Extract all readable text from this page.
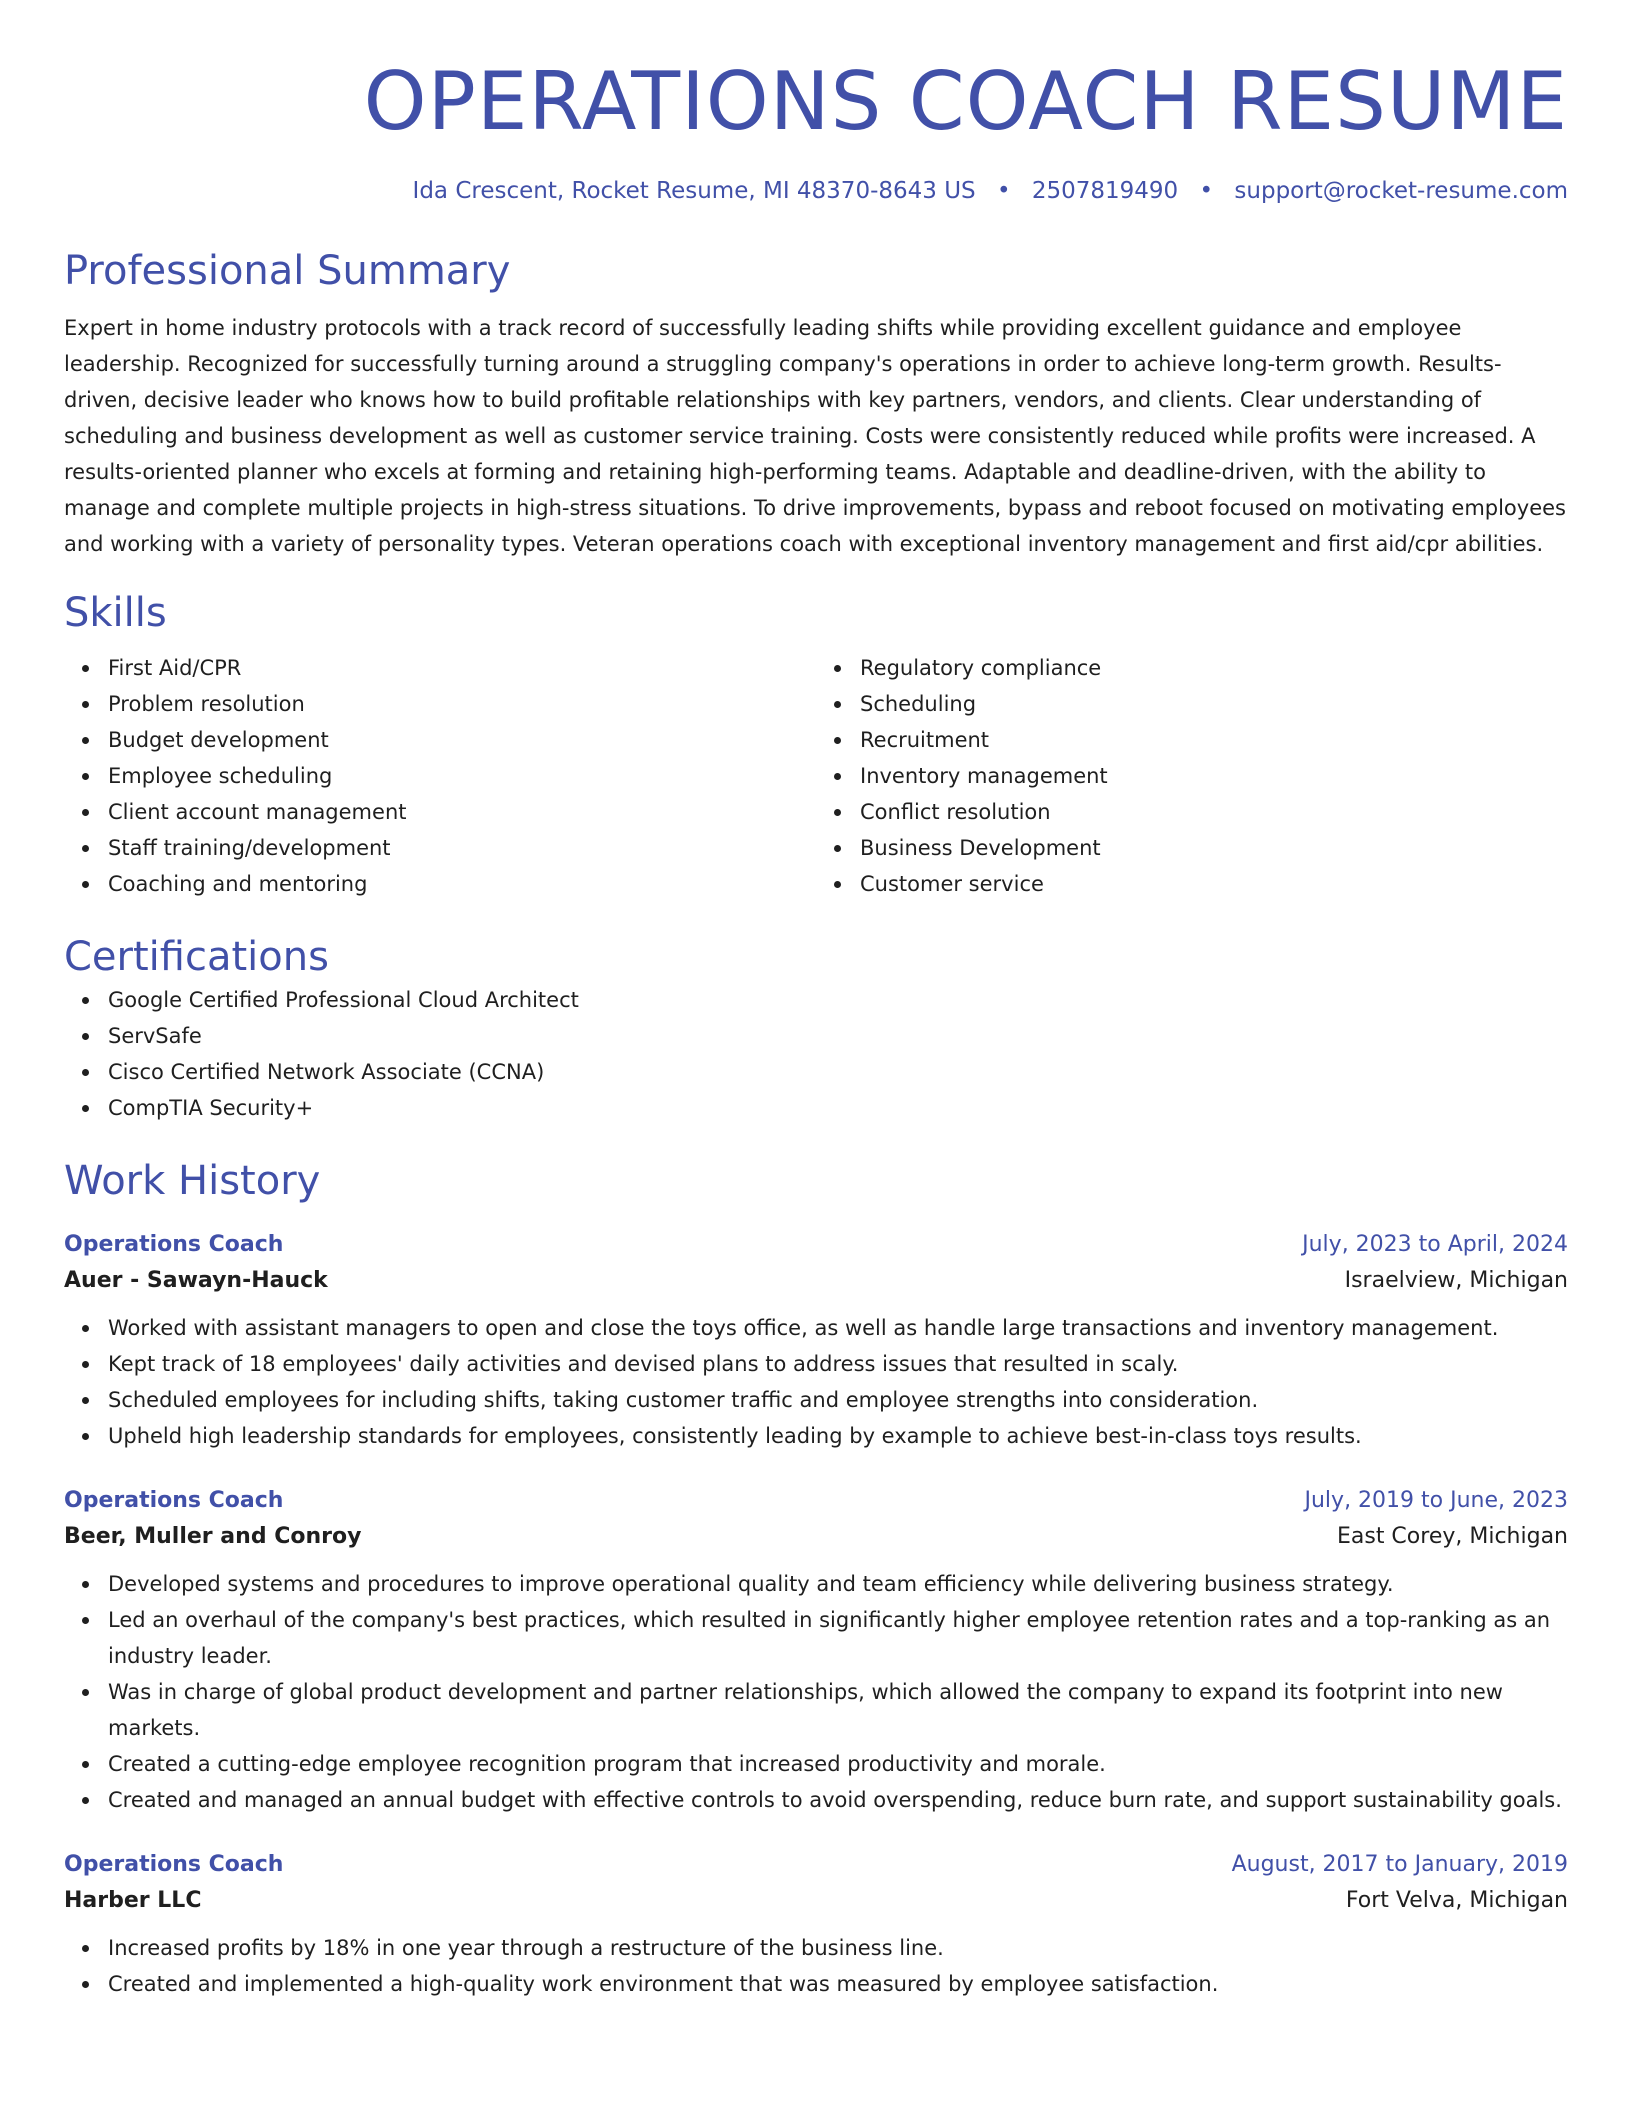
OPERATIONS COACH RESUME
Ida Crescent, Rocket Resume, MI 48370-8643 US • 2507819490 • support@rocket-resume.com
Professional Summary
Expert in home industry protocols with a track record of successfully leading shifts while providing excellent guidance and employee leadership. Recognized for successfully turning around a struggling company's operations in order to achieve long-term growth. Results-driven, decisive leader who knows how to build profitable relationships with key partners, vendors, and clients. Clear understanding of scheduling and business development as well as customer service training. Costs were consistently reduced while profits were increased. A results-oriented planner who excels at forming and retaining high-performing teams. Adaptable and deadline-driven, with the ability to manage and complete multiple projects in high-stress situations. To drive improvements, bypass and reboot focused on motivating employees and working with a variety of personality types. Veteran operations coach with exceptional inventory management and first aid/cpr abilities.
Skills
First Aid/CPR
Problem resolution
Budget development
Employee scheduling
Client account management
Staff training/development
Coaching and mentoring
Regulatory compliance
Scheduling
Recruitment
Inventory management
Conflict resolution
Business Development
Customer service
Certifications
Google Certified Professional Cloud Architect
ServSafe
Cisco Certified Network Associate (CCNA)
CompTIA Security+
Work History
Operations Coach	July, 2023 to April, 2024
Auer - Sawayn-Hauck	Israelview, Michigan
Worked with assistant managers to open and close the toys office, as well as handle large transactions and inventory management.
Kept track of 18 employees' daily activities and devised plans to address issues that resulted in scaly.
Scheduled employees for including shifts, taking customer traffic and employee strengths into consideration.
Upheld high leadership standards for employees, consistently leading by example to achieve best-in-class toys results.
Operations Coach	July, 2019 to June, 2023
Beer, Muller and Conroy	East Corey, Michigan
Developed systems and procedures to improve operational quality and team efficiency while delivering business strategy.
Led an overhaul of the company's best practices, which resulted in significantly higher employee retention rates and a top-ranking as an industry leader.
Was in charge of global product development and partner relationships, which allowed the company to expand its footprint into new markets.
Created a cutting-edge employee recognition program that increased productivity and morale.
Created and managed an annual budget with effective controls to avoid overspending, reduce burn rate, and support sustainability goals.
Operations Coach	August, 2017 to January, 2019
Harber LLC	Fort Velva, Michigan
Increased profits by 18% in one year through a restructure of the business line.
Created and implemented a high-quality work environment that was measured by employee satisfaction.
